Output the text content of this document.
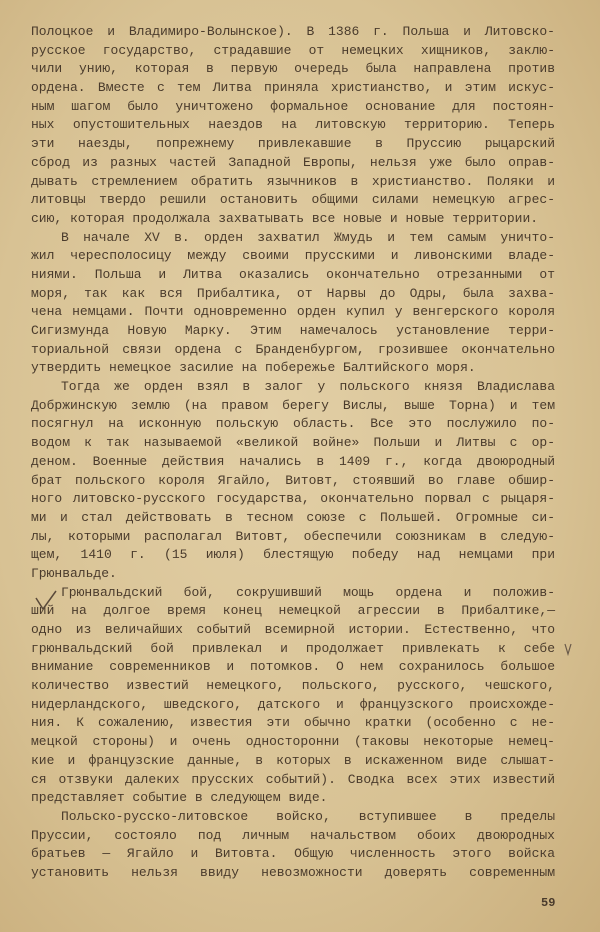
Полоцкое и Владимиро-Волынское). В 1386 г. Польша и Литовско-
русское государство, страдавшие от немецких хищников, заклю-
чили унию, которая в первую очередь была направлена против
ордена. Вместе с тем Литва приняла христианство, и этим искус-
ным шагом было уничтожено формальное основание для постоян-
ных опустошительных наездов на литовскую территорию. Теперь
эти наезды, попрежнему привлекавшие в Пруссию рыцарский
сброд из разных частей Западной Европы, нельзя уже было оправ-
дывать стремлением обратить язычников в христианство. Поляки и
литовцы твердо решили остановить общими силами немецкую агрес-
сию, которая продолжала захватывать все новые и новые территории.
В начале XV в. орден захватил Жмудь и тем самым уничто-
жил чересполосицу между своими прусскими и ливонскими владе-
ниями. Польша и Литва оказались окончательно отрезанными от
моря, так как вся Прибалтика, от Нарвы до Одры, была захва-
чена немцами. Почти одновременно орден купил у венгерского короля
Сигизмунда Новую Марку. Этим намечалось установление терри-
ториальной связи ордена с Бранденбургом, грозившее окончательно
утвердить немецкое засилие на побережье Балтийского моря.
Тогда же орден взял в залог у польского князя Владислава
Добржинскую землю (на правом берегу Вислы, выше Торна) и тем
посягнул на исконную польскую область. Все это послужило по-
водом к так называемой «великой войне» Польши и Литвы с ор-
деном. Военные действия начались в 1409 г., когда двоюродный
брат польского короля Ягайло, Витовт, стоявший во главе обшир-
ного литовско-русского государства, окончательно порвал с рыцаря-
ми и стал действовать в тесном союзе с Польшей. Огромные си-
лы, которыми располагал Витовт, обеспечили союзникам в следую-
щем, 1410 г. (15 июля) блестящую победу над немцами при
Грюнвальде.
Грюнвальдский бой, сокрушивший мощь ордена и положив-
ший на долгое время конец немецкой агрессии в Прибалтике,—
одно из величайших событий всемирной истории. Естественно, что
грюнвальдский бой привлекал и продолжает привлекать к себе
внимание современников и потомков. О нем сохранилось большое
количество известий немецкого, польского, русского, чешского,
нидерландского, шведского, датского и французского происхожде-
ния. К сожалению, известия эти обычно кратки (особенно с не-
мецкой стороны) и очень односторонни (таковы некоторые немец-
кие и французские данные, в которых в искаженном виде слышат-
ся отзвуки далеких прусских событий). Сводка всех этих известий
представляет событие в следующем виде.
Польско-русско-литовское войско, вступившее в пределы
Пруссии, состояло под личным начальством обоих двоюродных
братьев — Ягайло и Витовта. Общую численность этого войска
установить нельзя ввиду невозможности доверять современным
59
